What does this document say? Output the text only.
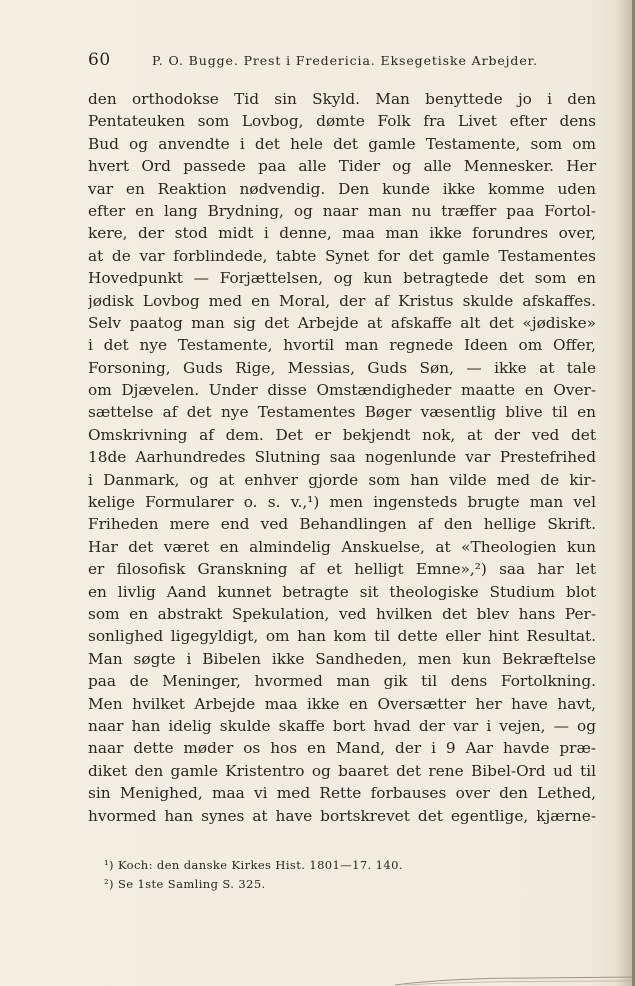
60	P. O. Bugge. Prest i Fredericia. Eksegetiske Arbejder.
den orthodokse Tid sin Skyld. Man benyttede jo i den
Pentateuken som Lovbog, dømte Folk fra Livet efter dens
Bud og anvendte i det hele det gamle Testamente, som om
hvert Ord passede paa alle Tider og alle Mennesker. Her
var en Reaktion nødvendig. Den kunde ikke komme uden
efter en lang Brydning, og naar man nu træffer paa Fortol-
kere, der stod midt i denne, maa man ikke forundres over,
at de var forblindede, tabte Synet for det gamle Testamentes
Hovedpunkt — Forjættelsen, og kun betragtede det som en
jødisk Lovbog med en Moral, der af Kristus skulde afskaffes.
Selv paatog man sig det Arbejde at afskaffe alt det «jødiske»
i det nye Testamente, hvortil man regnede Ideen om Offer,
Forsoning, Guds Rige, Messias, Guds Søn, — ikke at tale
om Djævelen. Under disse Omstændigheder maatte en Over-
sættelse af det nye Testamentes Bøger væsentlig blive til en
Omskrivning af dem. Det er bekjendt nok, at der ved det
18de Aarhundredes Slutning saa nogenlunde var Prestefrihed
i Danmark, og at enhver gjorde som han vilde med de kir-
kelige Formularer o. s. v.,¹) men ingensteds brugte man vel
Friheden mere end ved Behandlingen af den hellige Skrift.
Har det været en almindelig Anskuelse, at «Theologien kun
er filosofisk Granskning af et helligt Emne»,²) saa har let
en livlig Aand kunnet betragte sit theologiske Studium blot
som en abstrakt Spekulation, ved hvilken det blev hans Per-
sonlighed ligegyldigt, om han kom til dette eller hint Resultat.
Man søgte i Bibelen ikke Sandheden, men kun Bekræftelse
paa de Meninger, hvormed man gik til dens Fortolkning.
Men hvilket Arbejde maa ikke en Oversætter her have havt,
naar han idelig skulde skaffe bort hvad der var i vejen, — og
naar dette møder os hos en Mand, der i 9 Aar havde præ-
diket den gamle Kristentro og baaret det rene Bibel-Ord ud til
sin Menighed, maa vi med Rette forbauses over den Lethed,
hvormed han synes at have bortskrevet det egentlige, kjærne-
¹) Koch: den danske Kirkes Hist. 1801—17. 140.
²) Se 1ste Samling S. 325.
